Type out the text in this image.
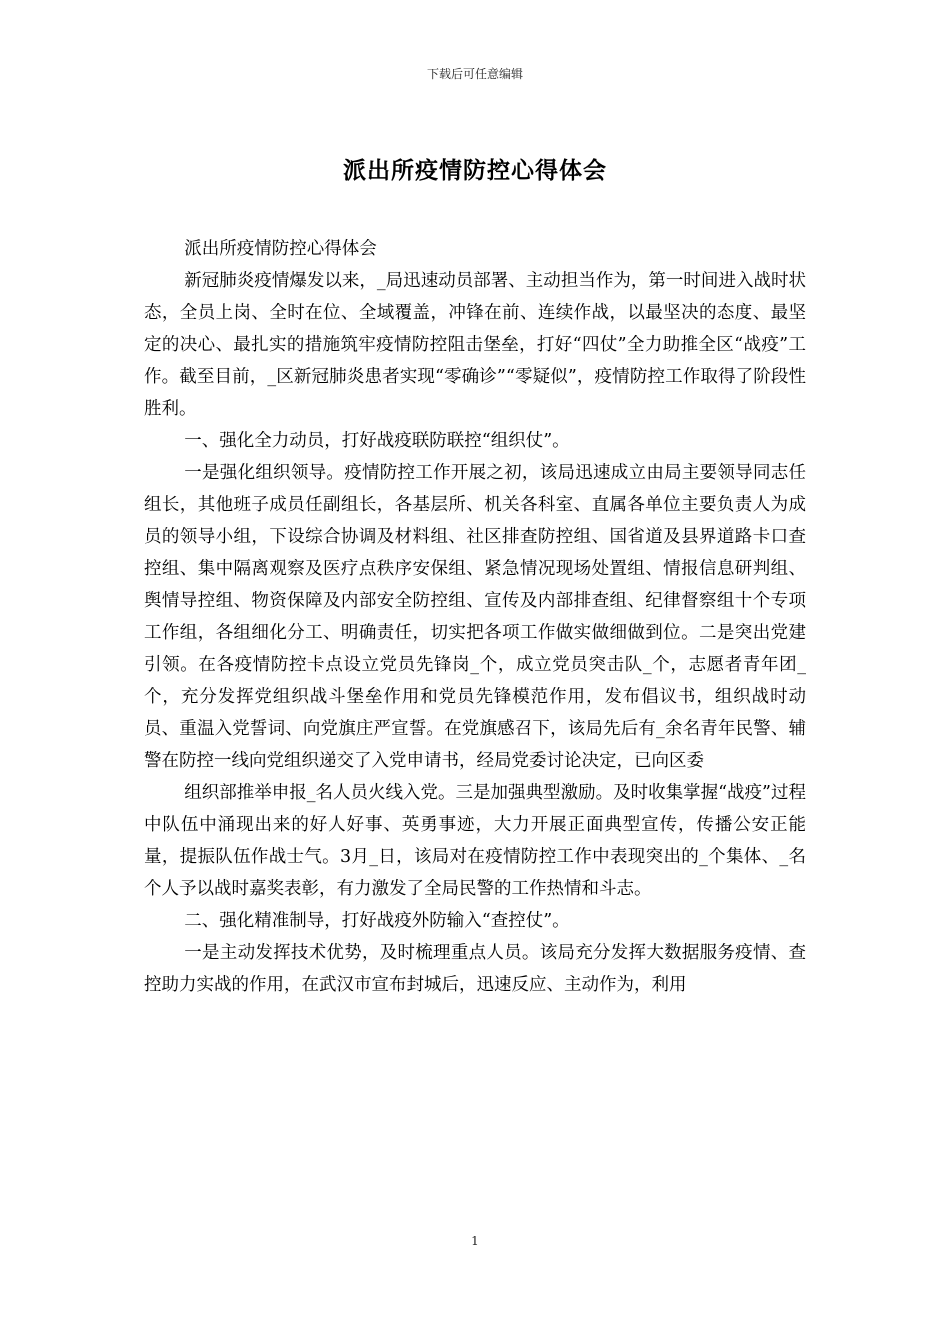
下载后可任意编辑
派出所疫情防控心得体会

派出所疫情防控心得体会

新冠肺炎疫情爆发以来，_局迅速动员部署、主动担当作为，第一时间进入战时状态，全员上岗、全时在位、全域覆盖，冲锋在前、连续作战，以最坚决的态度、最坚定的决心、最扎实的措施筑牢疫情防控阻击堡垒，打好“四仗”全力助推全区“战疫”工作。截至目前，_区新冠肺炎患者实现“零确诊”“零疑似”，疫情防控工作取得了阶段性胜利。

一、强化全力动员，打好战疫联防联控“组织仗”。

一是强化组织领导。疫情防控工作开展之初，该局迅速成立由局主要领导同志任组长，其他班子成员任副组长，各基层所、机关各科室、直属各单位主要负责人为成员的领导小组，下设综合协调及材料组、社区排查防控组、国省道及县界道路卡口查控组、集中隔离观察及医疗点秩序安保组、紧急情况现场处置组、情报信息研判组、舆情导控组、物资保障及内部安全防控组、宣传及内部排查组、纪律督察组十个专项工作组，各组细化分工、明确责任，切实把各项工作做实做细做到位。二是突出党建引领。在各疫情防控卡点设立党员先锋岗_个，成立党员突击队_个，志愿者青年团_个，充分发挥党组织战斗堡垒作用和党员先锋模范作用，发布倡议书，组织战时动员、重温入党誓词、向党旗庄严宣誓。在党旗感召下，该局先后有_余名青年民警、辅警在防控一线向党组织递交了入党申请书，经局党委讨论决定，已向区委

组织部推举申报_名人员火线入党。三是加强典型激励。及时收集掌握“战疫”过程中队伍中涌现出来的好人好事、英勇事迹，大力开展正面典型宣传，传播公安正能量，提振队伍作战士气。3月_日，该局对在疫情防控工作中表现突出的_个集体、_名个人予以战时嘉奖表彰，有力激发了全局民警的工作热情和斗志。

二、强化精准制导，打好战疫外防输入“查控仗”。

一是主动发挥技术优势，及时梳理重点人员。该局充分发挥大数据服务疫情、查控助力实战的作用，在武汉市宣布封城后，迅速反应、主动作为，利用

1
